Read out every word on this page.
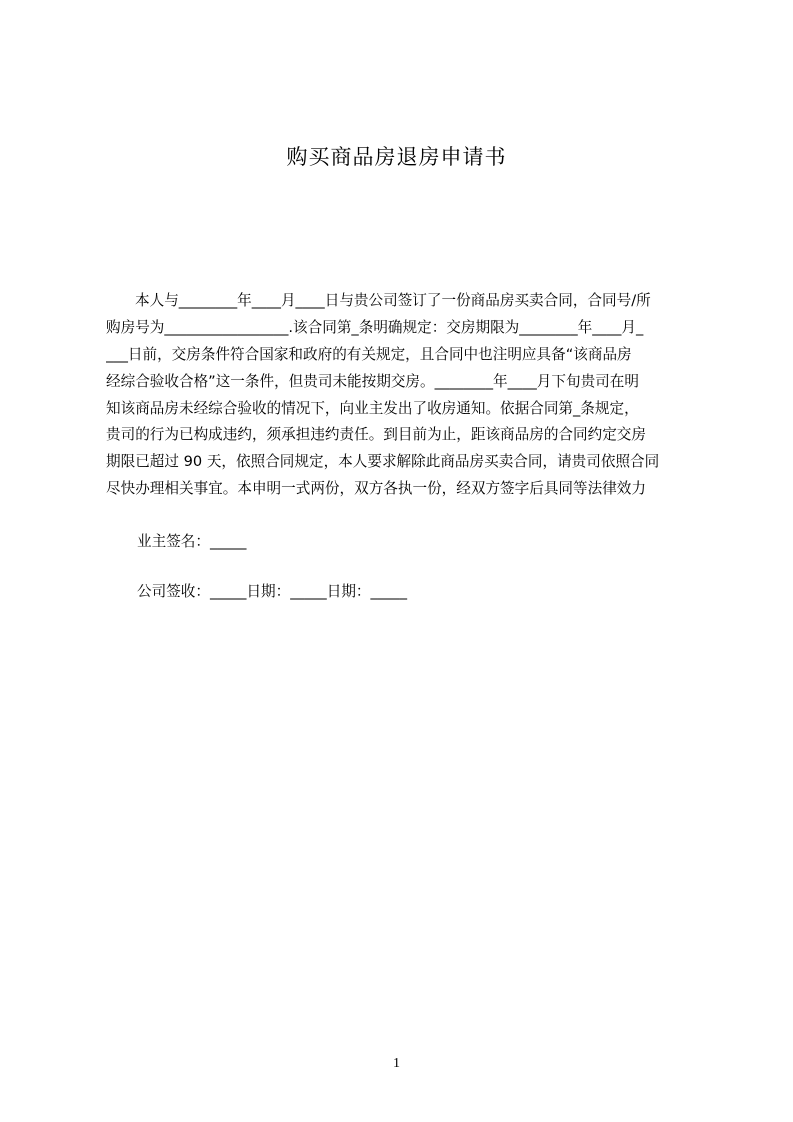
购买商品房退房申请书
本人与________年____月____日与贵公司签订了一份商品房买卖合同，合同号/所
购房号为_________________.该合同第_条明确规定：交房期限为________年____月_
___日前，交房条件符合国家和政府的有关规定，且合同中也注明应具备“该商品房
经综合验收合格”这一条件，但贵司未能按期交房。________年____月下旬贵司在明
知该商品房未经综合验收的情况下，向业主发出了收房通知。依据合同第_条规定，
贵司的行为已构成违约，须承担违约责任。到目前为止，距该商品房的合同约定交房
期限已超过 90 天，依照合同规定，本人要求解除此商品房买卖合同，请贵司依照合同
尽快办理相关事宜。本申明一式两份，双方各执一份，经双方签字后具同等法律效力
业主签名：_____
公司签收：_____日期：_____日期：_____
1
